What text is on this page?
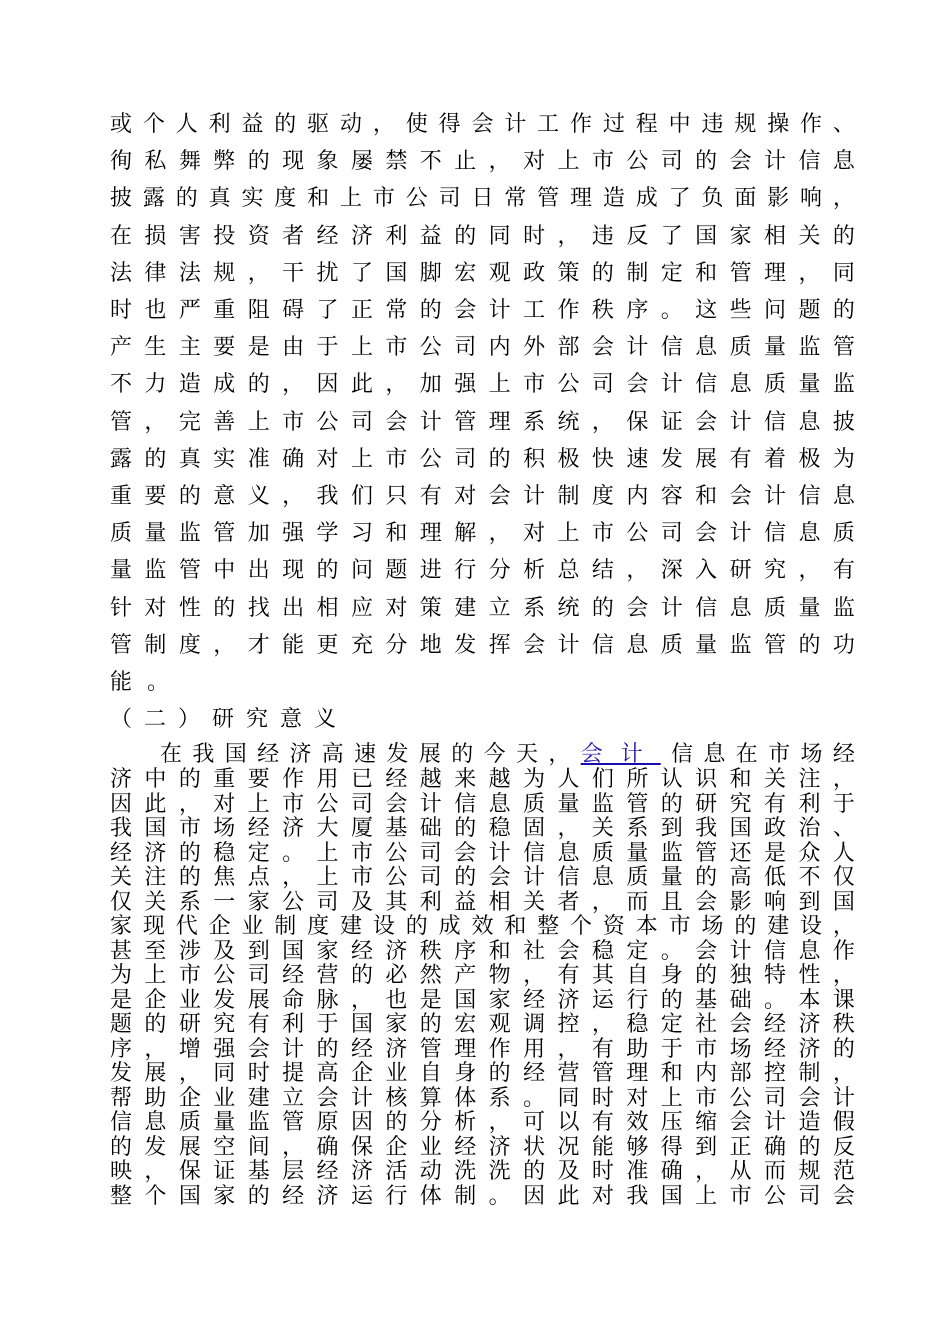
或 个 人 利 益 的 驱 动 ， 使 得 会 计 工 作 过 程 中 违 规 操 作 、
徇 私 舞 弊 的 现 象 屡 禁 不 止 ， 对 上 市 公 司 的 会 计 信 息
披 露 的 真 实 度 和 上 市 公 司 日 常 管 理 造 成 了 负 面 影 响 ，
在 损 害 投 资 者 经 济 利 益 的 同 时 ， 违 反 了 国 家 相 关 的
法 律 法 规 ， 干 扰 了 国 脚 宏 观 政 策 的 制 定 和 管 理 ， 同
时 也 严 重 阻 碍 了 正 常 的 会 计 工 作 秩 序 。 这 些 问 题 的
产 生 主 要 是 由 于 上 市 公 司 内 外 部 会 计 信 息 质 量 监 管
不 力 造 成 的 ， 因 此 ， 加 强 上 市 公 司 会 计 信 息 质 量 监
管 ， 完 善 上 市 公 司 会 计 管 理 系 统 ， 保 证 会 计 信 息 披
露 的 真 实 准 确 对 上 市 公 司 的 积 极 快 速 发 展 有 着 极 为
重 要 的 意 义 ， 我 们 只 有 对 会 计 制 度 内 容 和 会 计 信 息
质 量 监 管 加 强 学 习 和 理 解 ， 对 上 市 公 司 会 计 信 息 质
量 监 管 中 出 现 的 问 题 进 行 分 析 总 结 ， 深 入 研 究 ， 有
针 对 性 的 找 出 相 应 对 策 建 立 系 统 的 会 计 信 息 质 量 监
管 制 度 ， 才 能 更 充 分 地 发 挥 会 计 信 息 质 量 监 管 的 功
能。
（二）研究意义
在 我 国 经 济 高 速 发 展 的 今 天 ， 会计 信 息 在 市 场 经
济 中 的 重 要 作 用 已 经 越 来 越 为 人 们 所 认 识 和 关 注 ，
因 此 ， 对 上 市 公 司 会 计 信 息 质 量 监 管 的 研 究 有 利 于
我 国 市 场 经 济 大 厦 基 础 的 稳 固 ， 关 系 到 我 国 政 治 、
经 济 的 稳 定 。 上 市 公 司 会 计 信 息 质 量 监 管 还 是 众 人
关 注 的 焦 点 ， 上 市 公 司 的 会 计 信 息 质 量 的 高 低 不 仅
仅 关 系 一 家 公 司 及 其 利 益 相 关 者 ， 而 且 会 影 响 到 国
家 现 代 企 业 制 度 建 设 的 成 效 和 整 个 资 本 市 场 的 建 设 ，
甚 至 涉 及 到 国 家 经 济 秩 序 和 社 会 稳 定 。 会 计 信 息 作
为 上 市 公 司 经 营 的 必 然 产 物 ， 有 其 自 身 的 独 特 性 ，
是 企 业 发 展 命 脉 ， 也 是 国 家 经 济 运 行 的 基 础 。 本 课
题 的 研 究 有 利 于 国 家 的 宏 观 调 控 ， 稳 定 社 会 经 济 秩
序 ， 增 强 会 计 的 经 济 管 理 作 用 ， 有 助 于 市 场 经 济 的
发 展 ， 同 时 提 高 企 业 自 身 的 经 营 管 理 和 内 部 控 制 ，
帮 助 企 业 建 立 会 计 核 算 体 系 。 同 时 对 上 市 公 司 会 计
信 息 质 量 监 管 原 因 的 分 析 ， 可 以 有 效 压 缩 会 计 造 假
的 发 展 空 间 ， 确 保 企 业 经 济 状 况 能 够 得 到 正 确 的 反
映 ， 保 证 基 层 经 济 活 动 洗 洗 的 及 时 准 确 ， 从 而 规 范
整 个 国 家 的 经 济 运 行 体 制 。 因 此 对 我 国 上 市 公 司 会
